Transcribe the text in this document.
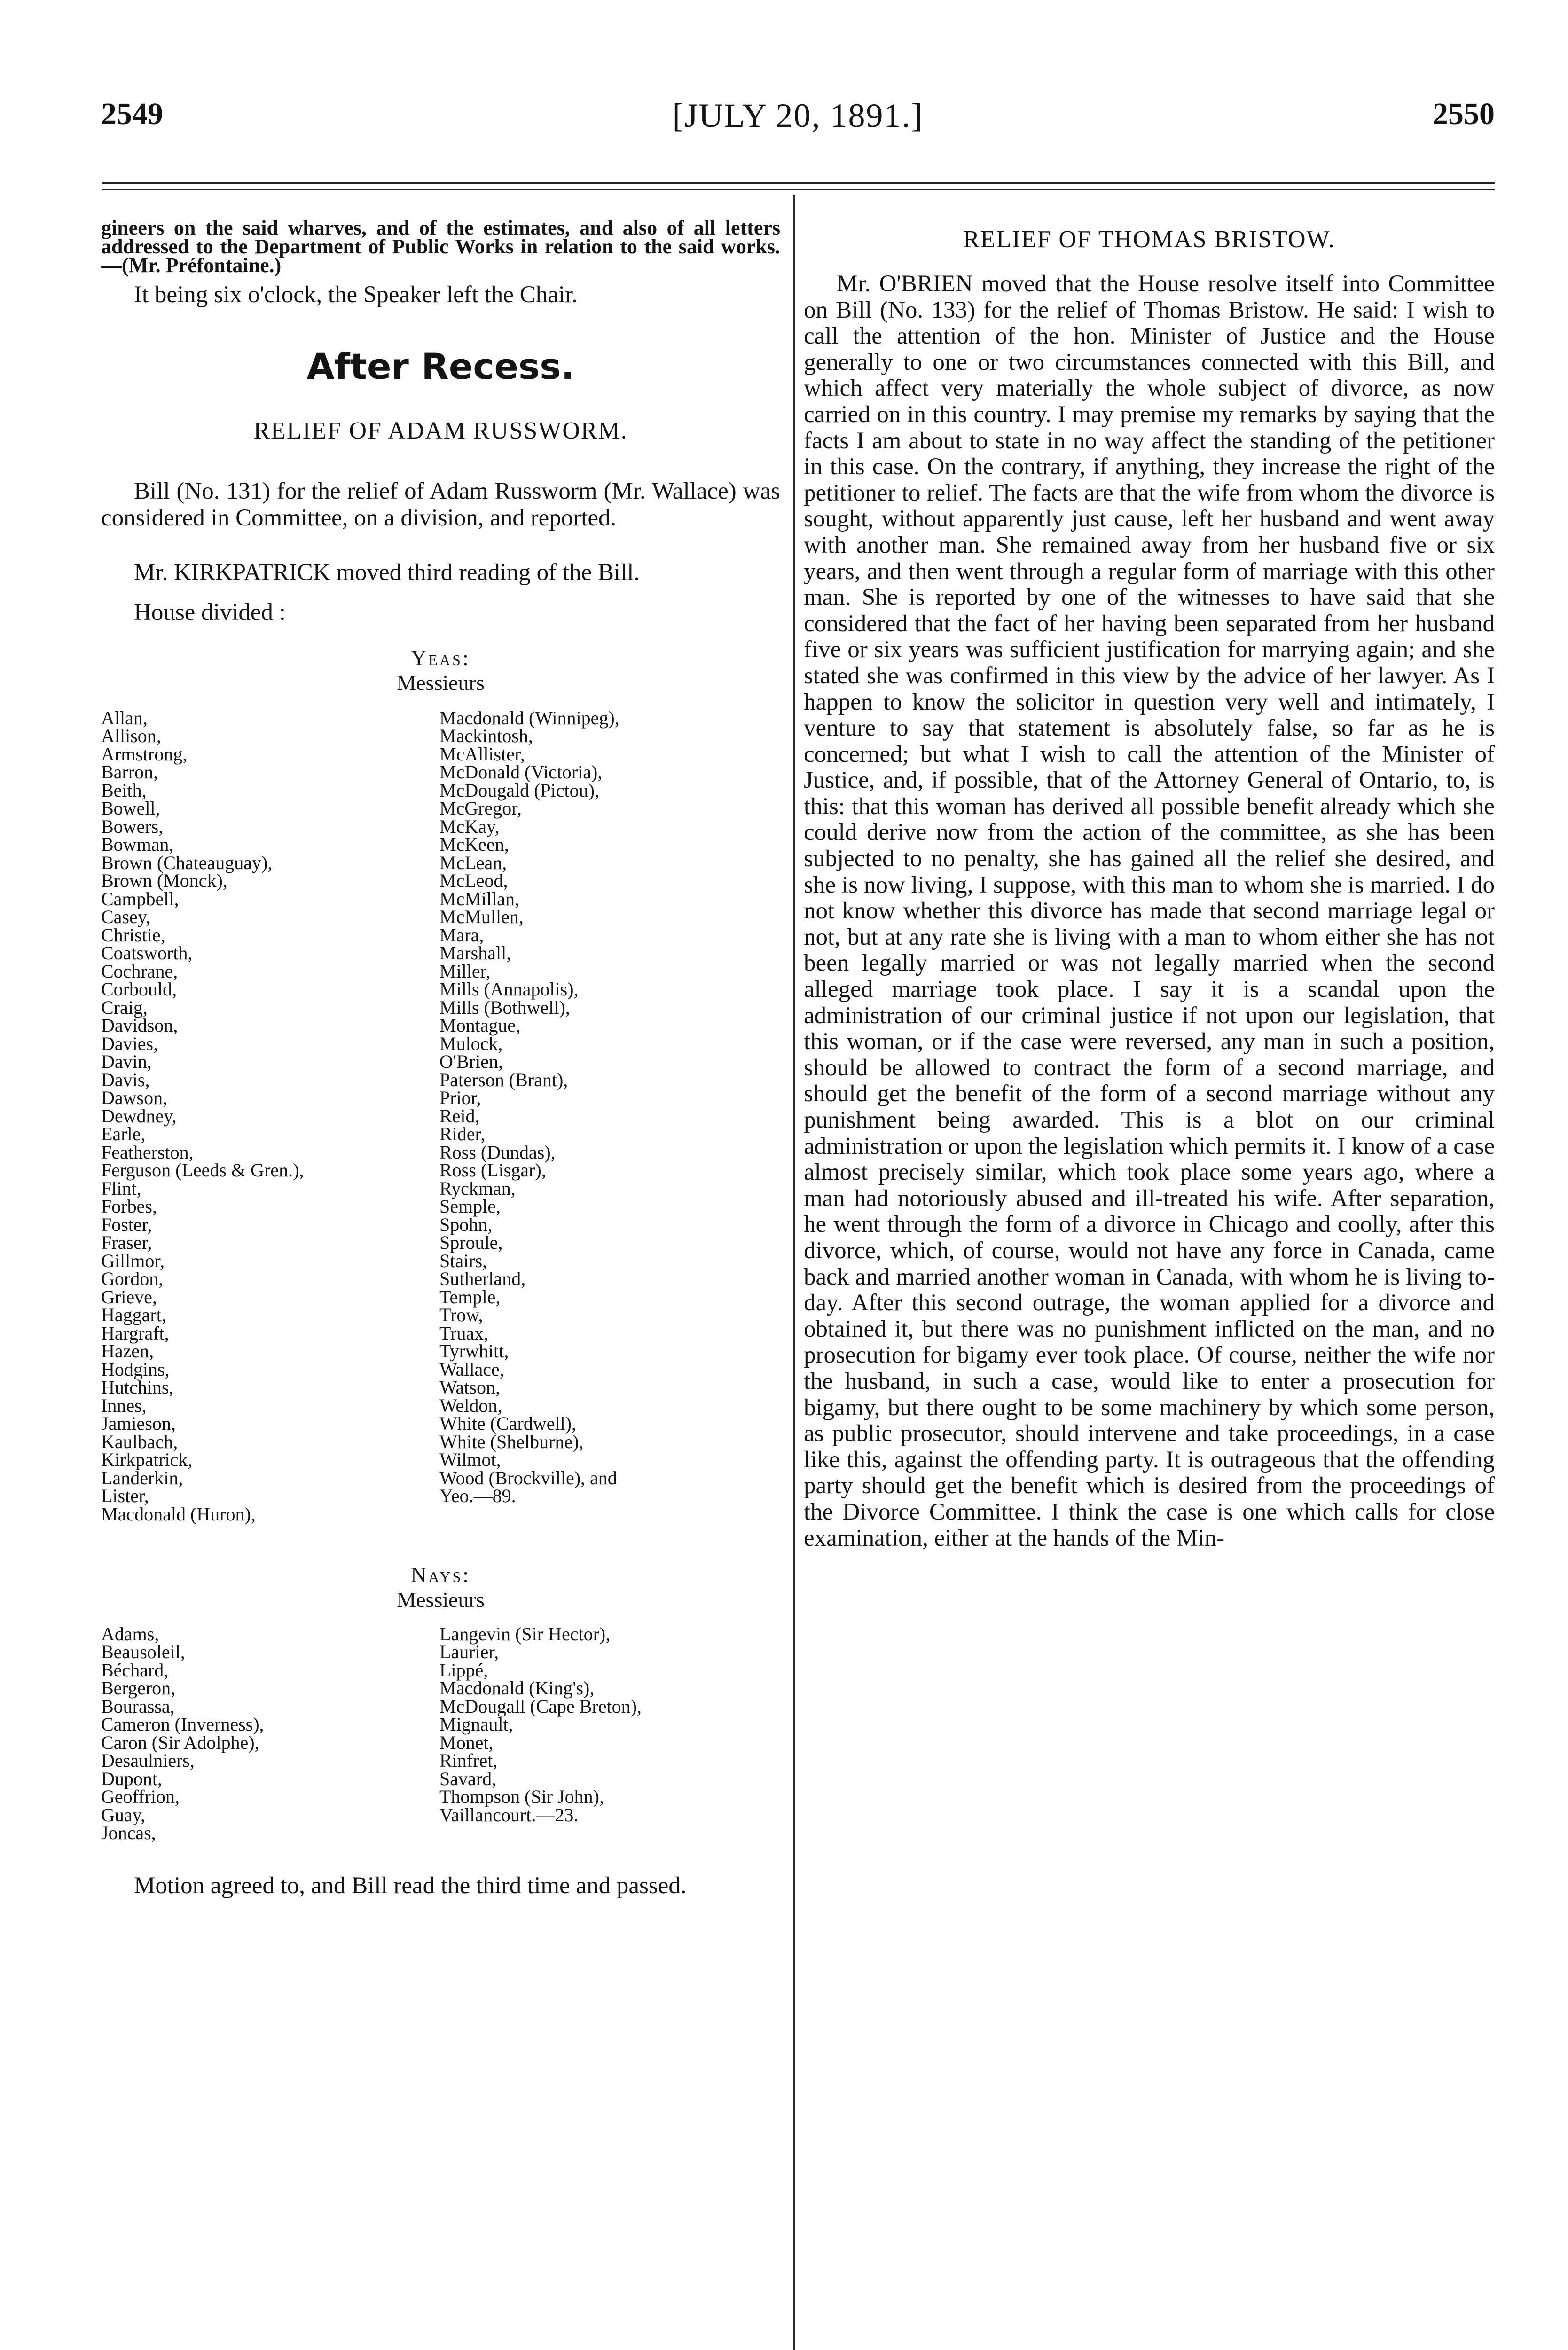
2549	[JULY 20, 1891.]	2550

gineers on the said wharves, and of the estimates, and also of all letters addressed to the Department of Public Works in relation to the said works.—(Mr. Préfontaine.)

It being six o'clock, the Speaker left the Chair.

After Recess.

RELIEF OF ADAM RUSSWORM.

Bill (No. 131) for the relief of Adam Russworm (Mr. Wallace) was considered in Committee, on a division, and reported.

Mr. KIRKPATRICK moved third reading of the Bill.

House divided :

Yeas:

Messieurs

Allan,
Allison,
Armstrong,
Barron,
Beith,
Bowell,
Bowers,
Bowman,
Brown (Chateauguay),
Brown (Monck),
Campbell,
Casey,
Christie,
Coatsworth,
Cochrane,
Corbould,
Craig,
Davidson,
Davies,
Davin,
Davis,
Dawson,
Dewdney,
Earle,
Featherston,
Ferguson (Leeds & Gren.),
Flint,
Forbes,
Foster,
Fraser,
Gillmor,
Gordon,
Grieve,
Haggart,
Hargraft,
Hazen,
Hodgins,
Hutchins,
Innes,
Jamieson,
Kaulbach,
Kirkpatrick,
Landerkin,
Lister,
Macdonald (Huron),
Macdonald (Winnipeg),
Mackintosh,
McAllister,
McDonald (Victoria),
McDougald (Pictou),
McGregor,
McKay,
McKeen,
McLean,
McLeod,
McMillan,
McMullen,
Mara,
Marshall,
Miller,
Mills (Annapolis),
Mills (Bothwell),
Montague,
Mulock,
O'Brien,
Paterson (Brant),
Prior,
Reid,
Rider,
Ross (Dundas),
Ross (Lisgar),
Ryckman,
Semple,
Spohn,
Sproule,
Stairs,
Sutherland,
Temple,
Trow,
Truax,
Tyrwhitt,
Wallace,
Watson,
Weldon,
White (Cardwell),
White (Shelburne),
Wilmot,
Wood (Brockville), and
Yeo.—89.

Nays:

Messieurs

Adams,
Beausoleil,
Béchard,
Bergeron,
Bourassa,
Cameron (Inverness),
Caron (Sir Adolphe),
Desaulniers,
Dupont,
Geoffrion,
Guay,
Joncas,
Langevin (Sir Hector),
Laurier,
Lippé,
Macdonald (King's),
McDougall (Cape Breton),
Mignault,
Monet,
Rinfret,
Savard,
Thompson (Sir John),
Vaillancourt.—23.

Motion agreed to, and Bill read the third time and passed.

RELIEF OF THOMAS BRISTOW.

Mr. O'BRIEN moved that the House resolve itself into Committee on Bill (No. 133) for the relief of Thomas Bristow. He said: I wish to call the attention of the hon. Minister of Justice and the House generally to one or two circumstances connected with this Bill, and which affect very materially the whole subject of divorce, as now carried on in this country. I may premise my remarks by saying that the facts I am about to state in no way affect the standing of the petitioner in this case. On the contrary, if anything, they increase the right of the petitioner to relief. The facts are that the wife from whom the divorce is sought, without apparently just cause, left her husband and went away with another man. She remained away from her husband five or six years, and then went through a regular form of marriage with this other man. She is reported by one of the witnesses to have said that she considered that the fact of her having been separated from her husband five or six years was sufficient justification for marrying again; and she stated she was confirmed in this view by the advice of her lawyer. As I happen to know the solicitor in question very well and intimately, I venture to say that statement is absolutely false, so far as he is concerned; but what I wish to call the attention of the Minister of Justice, and, if possible, that of the Attorney General of Ontario, to, is this: that this woman has derived all possible benefit already which she could derive now from the action of the committee, as she has been subjected to no penalty, she has gained all the relief she desired, and she is now living, I suppose, with this man to whom she is married. I do not know whether this divorce has made that second marriage legal or not, but at any rate she is living with a man to whom either she has not been legally married or was not legally married when the second alleged marriage took place. I say it is a scandal upon the administration of our criminal justice if not upon our legislation, that this woman, or if the case were reversed, any man in such a position, should be allowed to contract the form of a second marriage, and should get the benefit of the form of a second marriage without any punishment being awarded. This is a blot on our criminal administration or upon the legislation which permits it. I know of a case almost precisely similar, which took place some years ago, where a man had notoriously abused and ill-treated his wife. After separation, he went through the form of a divorce in Chicago and coolly, after this divorce, which, of course, would not have any force in Canada, came back and married another woman in Canada, with whom he is living to-day. After this second outrage, the woman applied for a divorce and obtained it, but there was no punishment inflicted on the man, and no prosecution for bigamy ever took place. Of course, neither the wife nor the husband, in such a case, would like to enter a prosecution for bigamy, but there ought to be some machinery by which some person, as public prosecutor, should intervene and take proceedings, in a case like this, against the offending party. It is outrageous that the offending party should get the benefit which is desired from the proceedings of the Divorce Committee. I think the case is one which calls for close examination, either at the hands of the Min-
